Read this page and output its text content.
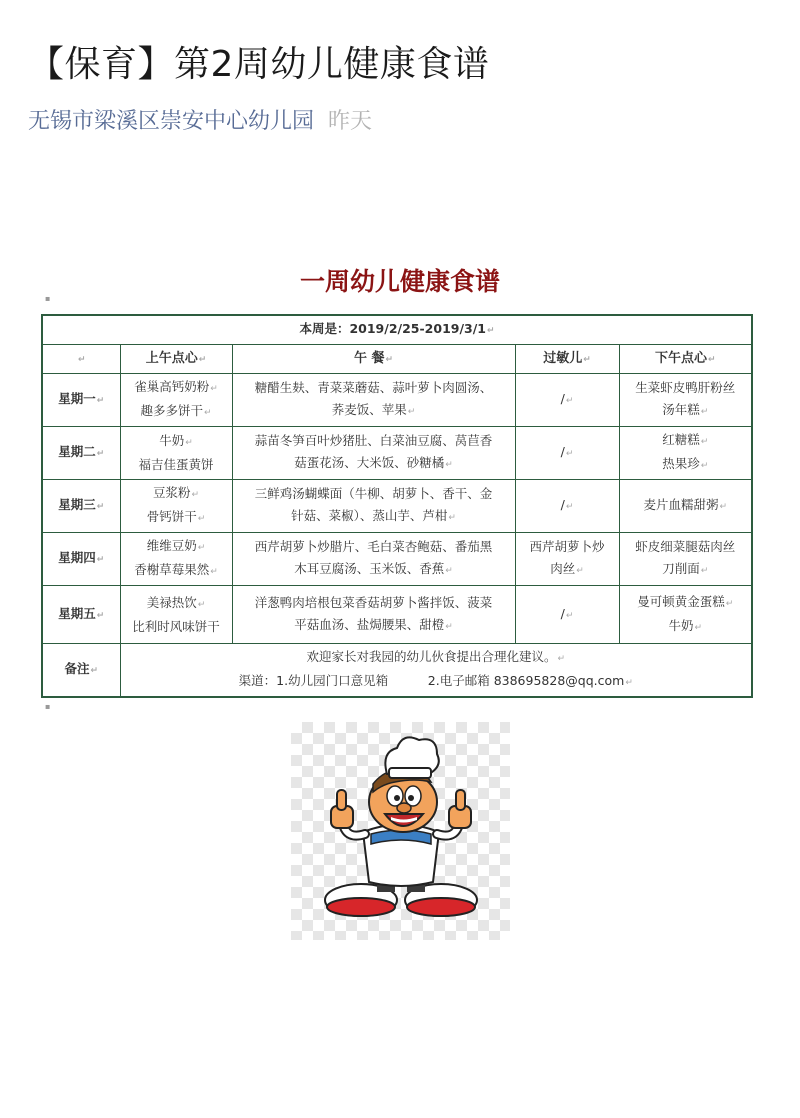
【保育】第2周幼儿健康食谱
无锡市梁溪区崇安中心幼儿园 昨天
一周幼儿健康食谱
▪
本周是：2019/2/25-2019/3/1↵				
↵	上午点心↵	午 餐↵	过敏儿↵	下午点心↵
星期一↵	雀巢高钙奶粉↵
趣多多饼干↵	糖醋生麸、青菜菜蘑菇、蒜叶萝卜肉圆汤、
荞麦饭、苹果↵	/↵	生菜虾皮鸭肝粉丝
汤年糕↵
星期二↵	牛奶↵
福吉佳蛋黄饼	蒜苗冬笋百叶炒猪肚、白菜油豆腐、莴苣香
菇蛋花汤、大米饭、砂糖橘↵	/↵	红糖糕↵
热果珍↵
星期三↵	豆浆粉↵
骨钙饼干↵	三鲜鸡汤蝴蝶面（牛柳、胡萝卜、香干、金
针菇、菜椒）、蒸山芋、芦柑↵	/↵	麦片血糯甜粥↵
星期四↵	维维豆奶↵
香榭草莓果然↵	西芹胡萝卜炒腊片、毛白菜杏鲍菇、番茄黑
木耳豆腐汤、玉米饭、香蕉↵	西芹胡萝卜炒
肉丝↵	虾皮细菜腿菇肉丝
刀削面↵
星期五↵	美禄热饮↵
比利时风味饼干	洋葱鸭肉培根包菜香菇胡萝卜酱拌饭、菠菜
平菇血汤、盐焗腰果、甜橙↵	/↵	曼可顿黄金蛋糕↵
牛奶↵
备注↵	欢迎家长对我园的幼儿伙食提出合理化建议。↵
渠道：1.幼儿园门口意见箱          2.电子邮箱 838695828@qq.com↵			
▪
